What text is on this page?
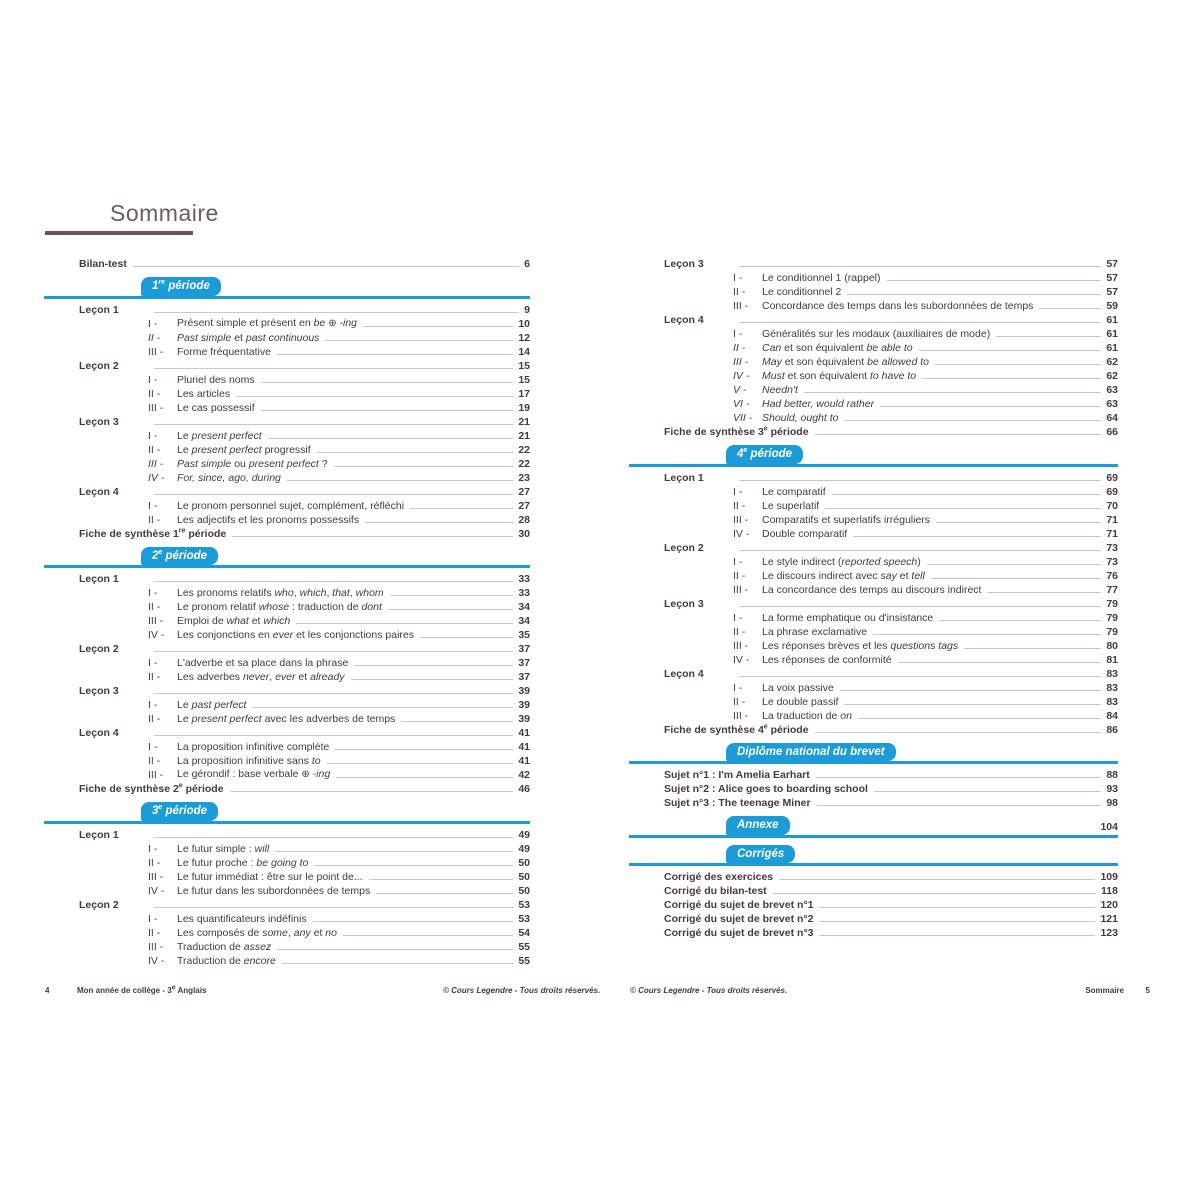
Sommaire
Bilan-test	6
1re période
Leçon 1	9
I -	Présent simple et présent en be ⊕ -ing	10
II -	Past simple et past continuous	12
III -	Forme fréquentative	14
Leçon 2	15
I -	Pluriel des noms	15
II -	Les articles	17
III -	Le cas possessif	19
Leçon 3	21
I -	Le present perfect	21
II -	Le present perfect progressif	22
III -	Past simple ou present perfect ?	22
IV -	For, since, ago, during	23
Leçon 4	27
I -	Le pronom personnel sujet, complément, réfléchi	27
II -	Les adjectifs et les pronoms possessifs	28
Fiche de synthèse 1re période	30
2e période
Leçon 1	33
I -	Les pronoms relatifs who, which, that, whom	33
II -	Le pronom relatif whose : traduction de dont	34
III -	Emploi de what et which	34
IV -	Les conjonctions en ever et les conjonctions paires	35
Leçon 2	37
I -	L'adverbe et sa place dans la phrase	37
II -	Les adverbes never, ever et already	37
Leçon 3	39
I -	Le past perfect	39
II -	Le present perfect avec les adverbes de temps	39
Leçon 4	41
I -	La proposition infinitive complète	41
II -	La proposition infinitive sans to	41
III -	Le gérondif : base verbale ⊕ -ing	42
Fiche de synthèse 2e période	46
3e période
Leçon 1	49
I -	Le futur simple : will	49
II -	Le futur proche : be going to	50
III -	Le futur immédiat : être sur le point de...	50
IV -	Le futur dans les subordonnées de temps	50
Leçon 2	53
I -	Les quantificateurs indéfinis	53
II -	Les composés de some, any et no	54
III -	Traduction de assez	55
IV -	Traduction de encore	55
Leçon 3	57
I -	Le conditionnel 1 (rappel)	57
II -	Le conditionnel 2	57
III -	Concordance des temps dans les subordonnées de temps	59
Leçon 4	61
I -	Généralités sur les modaux (auxiliaires de mode)	61
II -	Can et son équivalent be able to	61
III -	May et son équivalent be allowed to	62
IV -	Must et son équivalent to have to	62
V -	Needn't	63
VI -	Had better, would rather	63
VII - Should, ought to	64
Fiche de synthèse 3e période	66
4e période
Leçon 1	69
I -	Le comparatif	69
II -	Le superlatif	70
III -	Comparatifs et superlatifs irréguliers	71
IV -	Double comparatif	71
Leçon 2	73
I -	Le style indirect (reported speech)	73
II -	Le discours indirect avec say et tell	76
III -	La concordance des temps au discours indirect	77
Leçon 3	79
I -	La forme emphatique ou d'insistance	79
II -	La phrase exclamative	79
III -	Les réponses brèves et les questions tags	80
IV -	Les réponses de conformité	81
Leçon 4	83
I -	La voix passive	83
II -	Le double passif	83
III -	La traduction de on	84
Fiche de synthèse 4e période	86
Diplôme national du brevet
Sujet n°1 : I'm Amelia Earhart	88
Sujet n°2 : Alice goes to boarding school	93
Sujet n°3 : The teenage Miner	98
Annexe	104
Corrigés
Corrigé des exercices	109
Corrigé du bilan-test	118
Corrigé du sujet de brevet n°1	120
Corrigé du sujet de brevet n°2	121
Corrigé du sujet de brevet n°3	123
4	Mon année de collège - 3e Anglais	© Cours Legendre - Tous droits réservés.	© Cours Legendre - Tous droits réservés.	Sommaire	5
